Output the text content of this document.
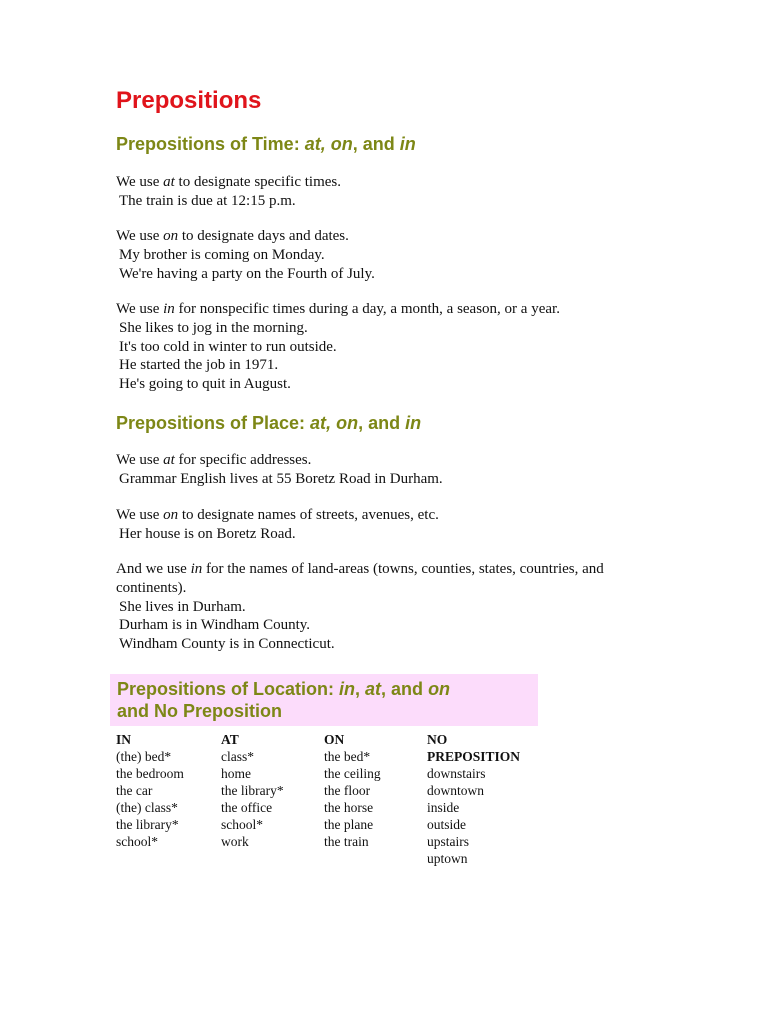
Prepositions
Prepositions of Time: at, on, and in
We use at to designate specific times.
The train is due at 12:15 p.m.
We use on to designate days and dates.
My brother is coming on Monday.
We're having a party on the Fourth of July.
We use in for nonspecific times during a day, a month, a season, or a year.
She likes to jog in the morning.
It's too cold in winter to run outside.
He started the job in 1971.
He's going to quit in August.
Prepositions of Place: at, on, and in
We use at for specific addresses.
Grammar English lives at 55 Boretz Road in Durham.
We use on to designate names of streets, avenues, etc.
Her house is on Boretz Road.
And we use in for the names of land-areas (towns, counties, states, countries, and continents).
She lives in Durham.
Durham is in Windham County.
Windham County is in Connecticut.
Prepositions of Location: in, at, and on
and No Preposition
IN
(the) bed*
the bedroom
the car
(the) class*
the library*
school*
AT
class*
home
the library*
the office
school*
work
ON
the bed*
the ceiling
the floor
the horse
the plane
the train
NO
PREPOSITION
downstairs
downtown
inside
outside
upstairs
uptown
